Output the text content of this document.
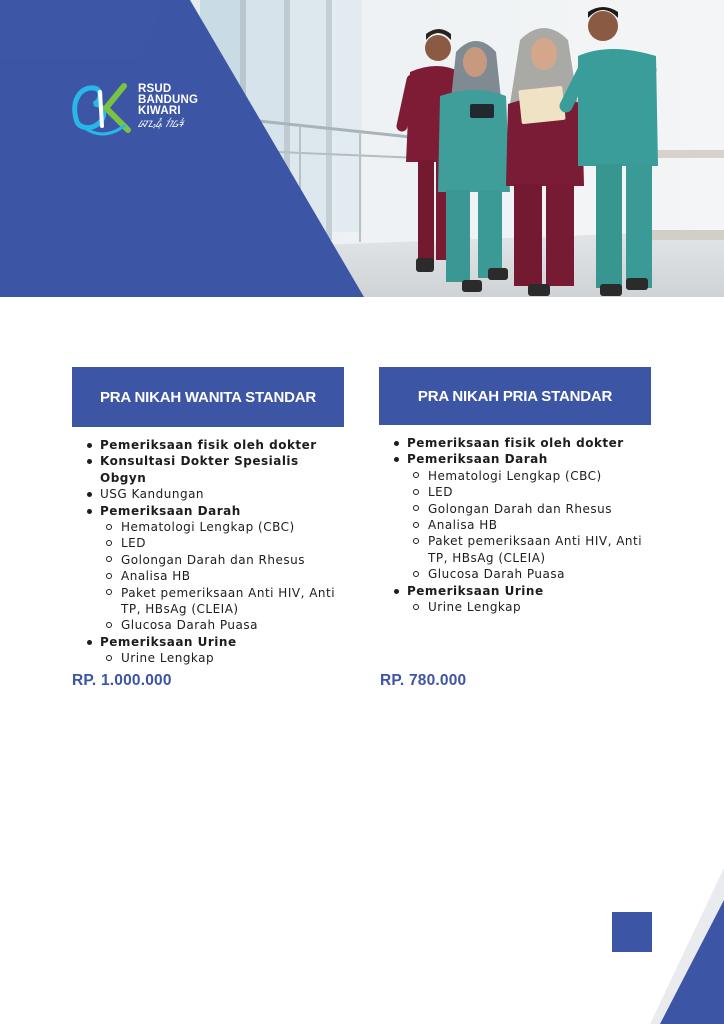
RSUD
BANDUNG
KIWARI
ᮘᮔ᮪ᮓᮥᮀ ᮊᮤᮝᮛᮤ
PRA NIKAH WANITA STANDAR
Pemeriksaan fisik oleh dokter
Konsultasi Dokter Spesialis Obgyn
USG Kandungan
Pemeriksaan Darah
Hematologi Lengkap (CBC)
LED
Golongan Darah dan Rhesus
Analisa HB
Paket pemeriksaan Anti HIV, Anti TP, HBsAg (CLEIA)
Glucosa Darah Puasa
Pemeriksaan Urine
Urine Lengkap
RP. 1.000.000
PRA NIKAH PRIA STANDAR
Pemeriksaan fisik oleh dokter
Pemeriksaan Darah
Hematologi Lengkap (CBC)
LED
Golongan Darah dan Rhesus
Analisa HB
Paket pemeriksaan Anti HIV, Anti TP, HBsAg (CLEIA)
Glucosa Darah Puasa
Pemeriksaan Urine
Urine Lengkap
RP. 780.000
